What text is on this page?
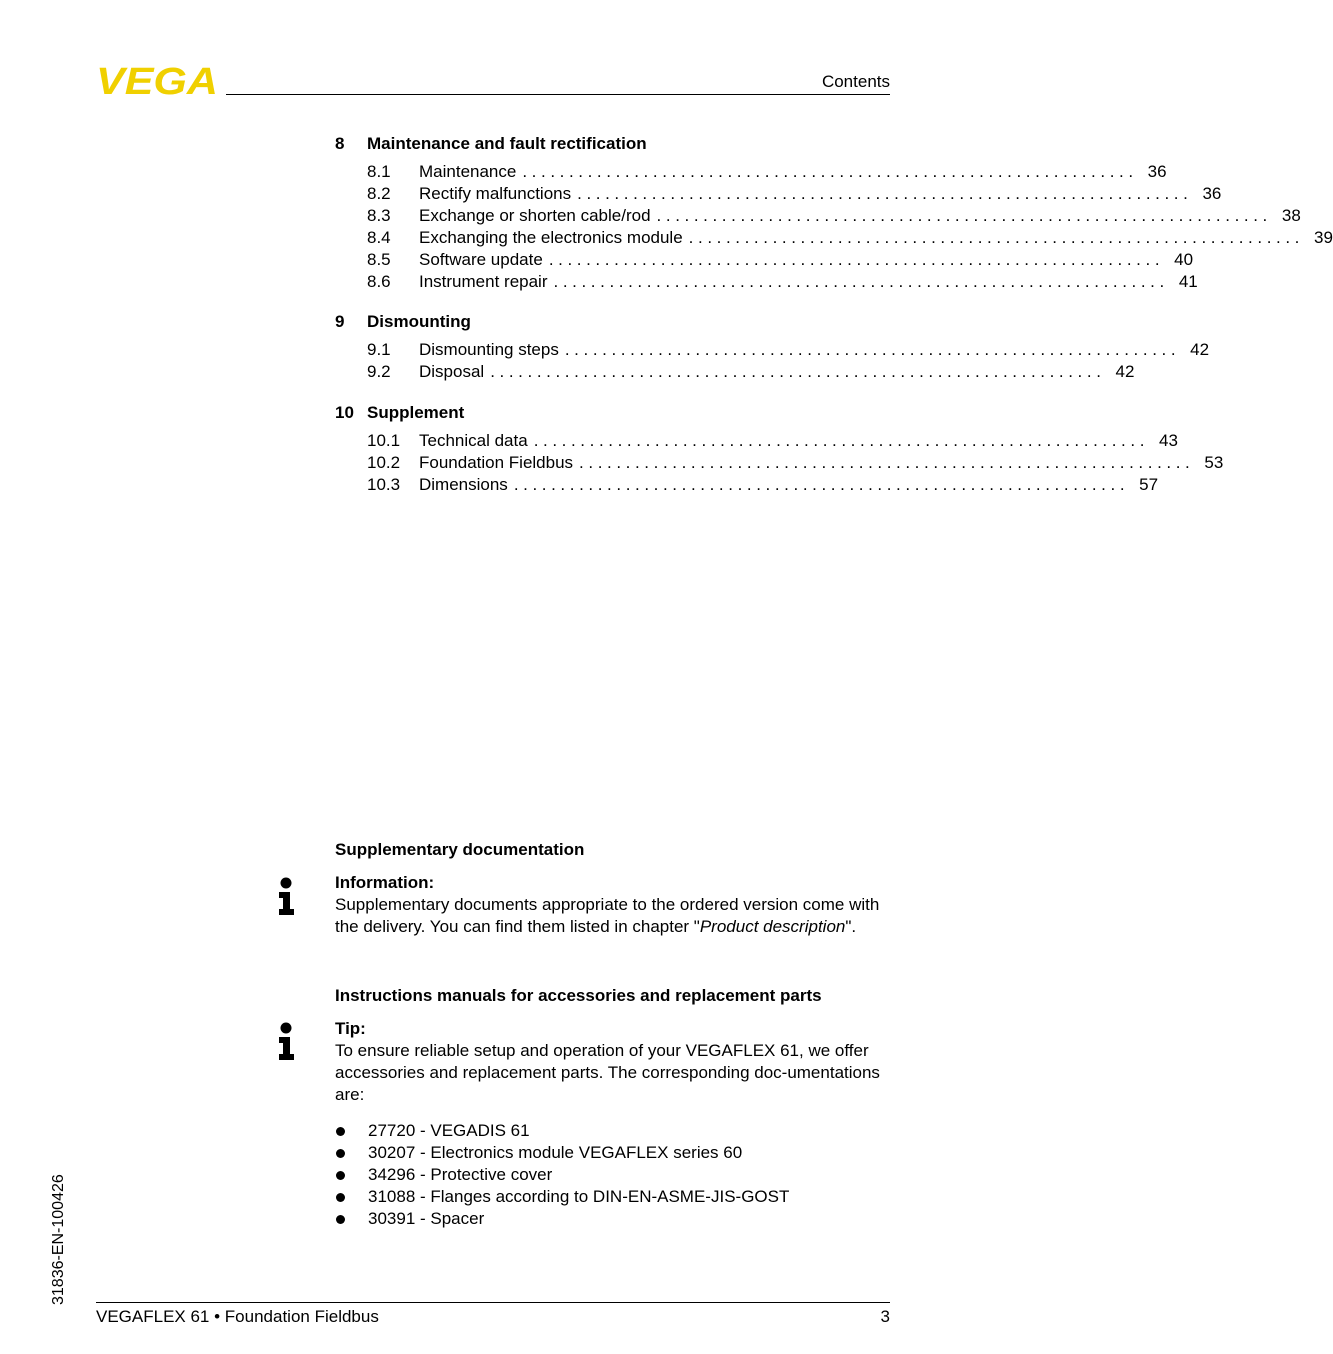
VEGA	Contents
8	Maintenance and fault rectification
8.1	Maintenance .................................................................. 36
8.2	Rectify malfunctions .................................................................. 36
8.3	Exchange or shorten cable/rod .................................................................. 38
8.4	Exchanging the electronics module .................................................................. 39
8.5	Software update .................................................................. 40
8.6	Instrument repair .................................................................. 41
9	Dismounting
9.1	Dismounting steps .................................................................. 42
9.2	Disposal .................................................................. 42
10 Supplement
10.1	Technical data .................................................................. 43
10.2	Foundation Fieldbus .................................................................. 53
10.3	Dimensions .................................................................. 57
31836-EN-100426
Supplementary documentation
Information:
Supplementary documents appropriate to the ordered version come with the delivery. You can find them listed in chapter "Product description".
Instructions manuals for accessories and replacement parts
Tip:
To ensure reliable setup and operation of your VEGAFLEX 61, we offer accessories and replacement parts. The corresponding doc-umentations are:
27720 - VEGADIS 61
30207 - Electronics module VEGAFLEX series 60
34296 - Protective cover
31088 - Flanges according to DIN-EN-ASME-JIS-GOST
30391 - Spacer
VEGAFLEX 61 • Foundation Fieldbus	3
